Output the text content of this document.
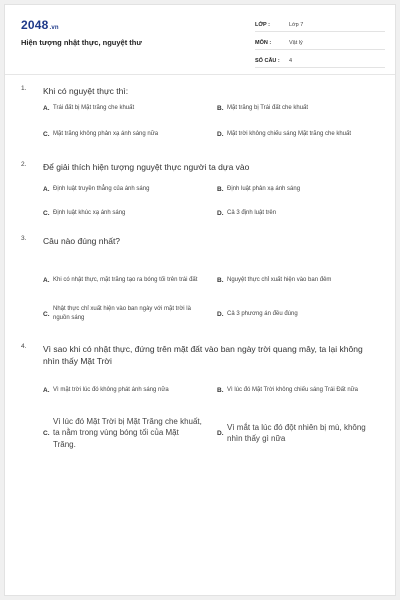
2048.vn
Hiện tượng nhật thực, nguyệt thư
LỚP :	Lớp 7
MÔN :	Vật lý
SỐ CÂU :	4
1. Khi có nguyệt thực thì:
A. Trái đất bị Mặt trăng che khuất	B. Mặt trăng bị Trái đất che khuất
C. Mặt trăng không phản xạ ánh sáng nữa	D. Mặt trời không chiếu sáng Mặt trăng che khuất
2. Để giải thích hiện tượng nguyệt thực người ta dựa vào
A. Định luật truyền thẳng của ánh sáng	B. Định luật phản xạ ánh sáng
C. Định luật khúc xạ ánh sáng	D. Cả 3 định luật trên
3. Câu nào đúng nhất?
A. Khi có nhật thực, mặt trăng tạo ra bóng tối trên trái đất	B. Nguyệt thực chỉ xuất hiện vào ban đêm
C.
Nhật thực chỉ xuất hiện vào ban ngày với mặt trời là nguồn sáng
D. Cả 3 phương án đều đúng
4. Vì sao khi có nhật thực, đứng trên mặt đất vào ban ngày trời quang mây, ta lại không nhìn thấy Mặt Trời
A. Vì mặt trời lúc đó không phát ánh sáng nữa	B. Vì lúc đó Mặt Trời không chiếu sáng Trái Đất nữa
C.
Vì lúc đó Mặt Trời bị Mặt Trăng che khuất, ta nằm trong vùng bóng tối của Mặt Trăng.
D.
Vì mắt ta lúc đó đột nhiên bị mù, không nhìn thấy gì nữa
